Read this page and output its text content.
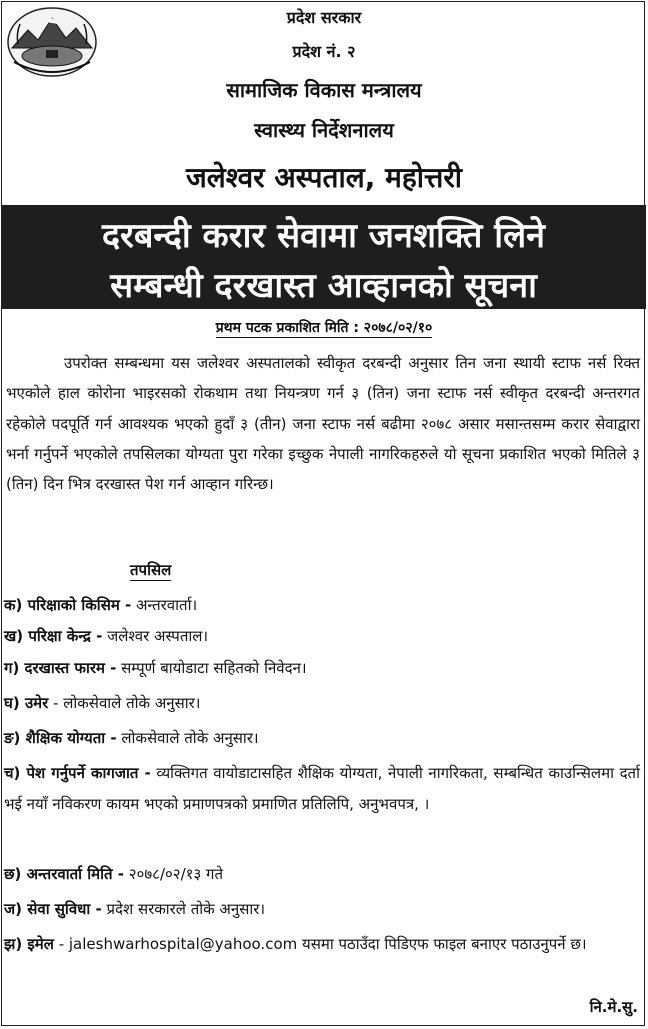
प्रदेश सरकार
प्रदेश नं. २
सामाजिक विकास मन्त्रालय
स्वास्थ्य निर्देशनालय
जलेश्वर अस्पताल, महोत्तरी
दरबन्दी करार सेवामा जनशक्ति लिने
सम्बन्धी दरखास्त आव्हानको सूचना
प्रथम पटक प्रकाशित मिति : २०७८/०२/१०
उपरोक्त सम्बन्धमा यस जलेश्वर अस्पतालको स्वीकृत दरबन्दी अनुसार तिन जना स्थायी स्टाफ नर्स रिक्त भएकोले हाल कोरोना भाइरसको रोकथाम तथा नियन्त्रण गर्न ३ (तिन) जना स्टाफ नर्स स्वीकृत दरबन्दी अन्तरगत रहेकोले पदपूर्ति गर्न आवश्यक भएको हुदाँ ३ (तीन) जना स्टाफ नर्स बढीमा २०७८ असार मसान्तसम्म करार सेवाद्वारा भर्ना गर्नुपर्ने भएकोले तपसिलका योग्यता पुरा गरेका इच्छुक नेपाली नागरिकहरुले यो सूचना प्रकाशित भएको मितिले ३ (तिन) दिन भित्र दरखास्त पेश गर्न आव्हान गरिन्छ।
तपसिल
क) परिक्षाको किसिम - अन्तरवार्ता।
ख) परिक्षा केन्द्र - जलेश्वर अस्पताल।
ग) दरखास्त फारम - सम्पूर्ण बायोडाटा सहितको निवेदन।
घ) उमेर - लोकसेवाले तोके अनुसार।
ङ) शैक्षिक योग्यता - लोकसेवाले तोके अनुसार।
च) पेश गर्नुपर्ने कागजात - व्यक्तिगत वायोडाटासहित शैक्षिक योग्यता, नेपाली नागरिकता, सम्बन्धित काउन्सिलमा दर्ता भई नयाँ नविकरण कायम भएको प्रमाणपत्रको प्रमाणित प्रतिलिपि, अनुभवपत्र, ।
छ) अन्तरवार्ता मिति - २०७८/०२/१३ गते
ज) सेवा सुविधा - प्रदेश सरकारले तोके अनुसार।
झ) इमेल - jaleshwarhospital@yahoo.com यसमा पठाउँदा पिडिएफ फाइल बनाएर पठाउनुपर्ने छ।
नि.मे.सु.
